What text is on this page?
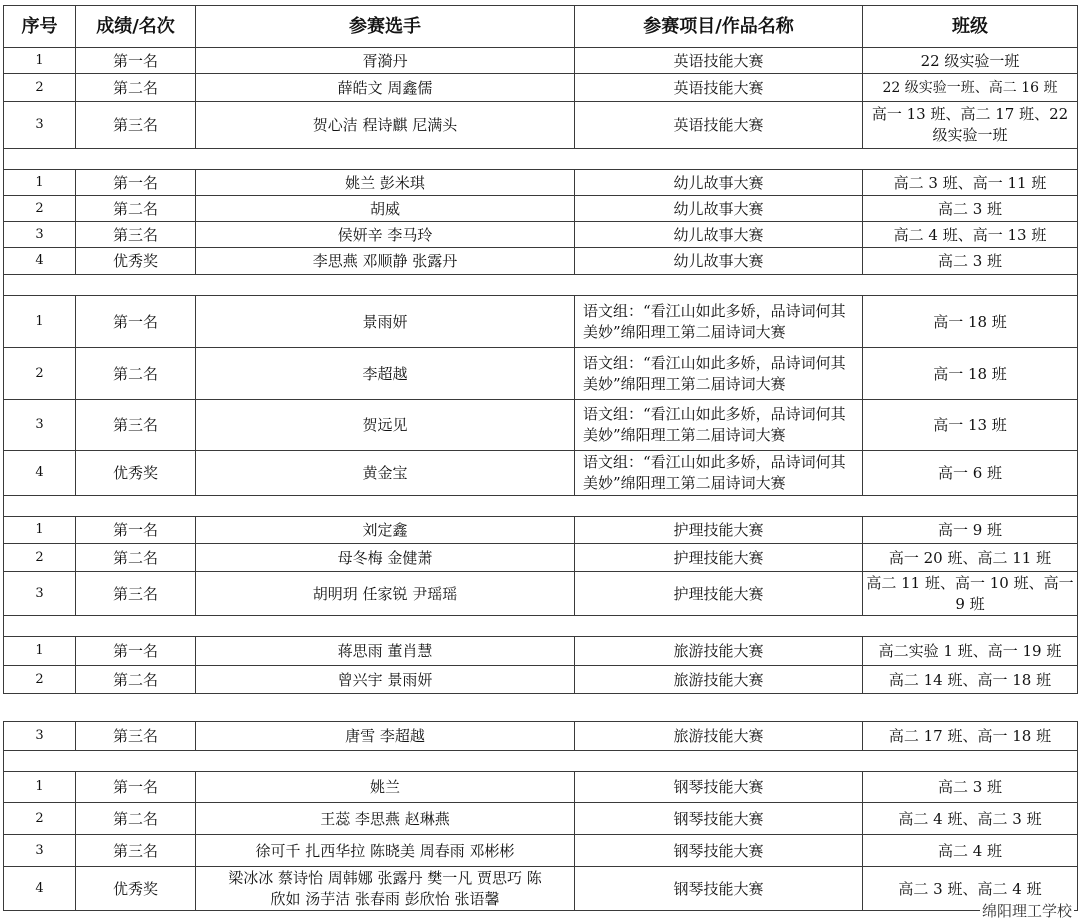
序号	成绩/名次	参赛选手	参赛项目/作品名称	班级
1	第一名	胥漪丹	英语技能大赛	22 级实验一班
2	第二名	薛皓文 周鑫儒	英语技能大赛	22 级实验一班、高二 16 班
3	第三名	贺心洁 程诗麒 尼满头	英语技能大赛	高一 13 班、高二 17 班、22 级实验一班

1	第一名	姚兰 彭米琪	幼儿故事大赛	高二 3 班、高一 11 班
2	第二名	胡威	幼儿故事大赛	高二 3 班
3	第三名	侯妍辛 李马玲	幼儿故事大赛	高二 4 班、高一 13 班
4	优秀奖	李思燕 邓顺静 张露丹	幼儿故事大赛	高二 3 班

1	第一名	景雨妍	语文组：“看江山如此多娇，品诗词何其美妙”绵阳理工第二届诗词大赛	高一 18 班
2	第二名	李超越	语文组：“看江山如此多娇，品诗词何其美妙”绵阳理工第二届诗词大赛	高一 18 班
3	第三名	贺远见	语文组：“看江山如此多娇，品诗词何其美妙”绵阳理工第二届诗词大赛	高一 13 班
4	优秀奖	黄金宝	语文组：“看江山如此多娇，品诗词何其美妙”绵阳理工第二届诗词大赛	高一 6 班

1	第一名	刘定鑫	护理技能大赛	高一 9 班
2	第二名	母冬梅 金健萧	护理技能大赛	高一 20 班、高二 11 班
3	第三名	胡明玥 任家锐 尹瑶瑶	护理技能大赛	高二 11 班、高一 10 班、高一 9 班

1	第一名	蒋思雨 董肖慧	旅游技能大赛	高二实验 1 班、高一 19 班
2	第二名	曾兴宇 景雨妍	旅游技能大赛	高二 14 班、高一 18 班
3	第三名	唐雪 李超越	旅游技能大赛	高二 17 班、高一 18 班

1	第一名	姚兰	钢琴技能大赛	高二 3 班
2	第二名	王蕊 李思燕 赵琳燕	钢琴技能大赛	高二 4 班、高二 3 班
3	第三名	徐可千 扎西华拉 陈晓美 周春雨 邓彬彬	钢琴技能大赛	高二 4 班
4	优秀奖	梁冰冰 蔡诗怡 周韩娜 张露丹 樊一凡 贾思巧 陈欣如 汤芋洁 张春雨 彭欣怡 张语馨	钢琴技能大赛	高二 3 班、高二 4 班
绵阳理工学校
